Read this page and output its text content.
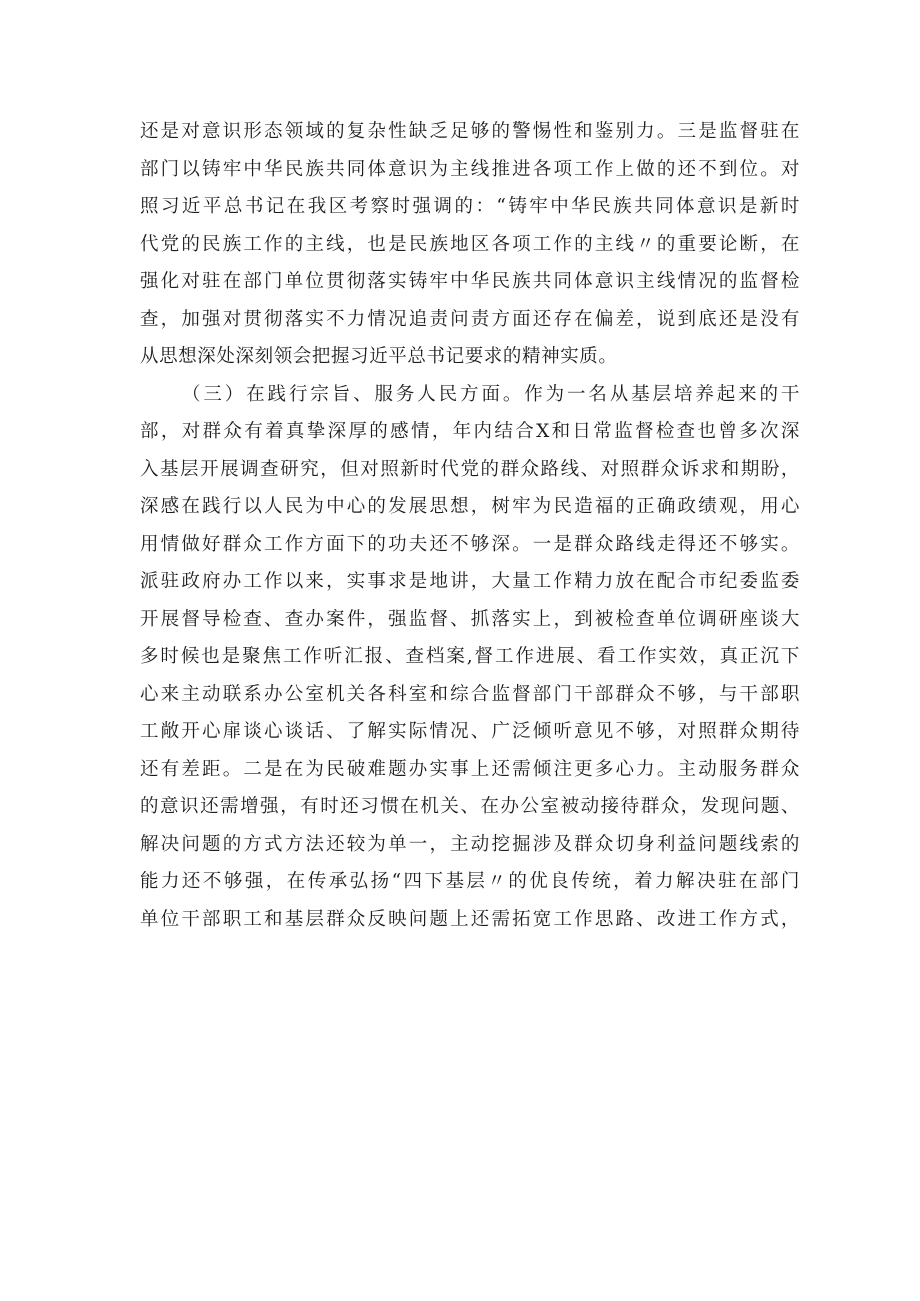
还是对意识形态领域的复杂性缺乏足够的警惕性和鉴别力。三是监督驻在
部门以铸牢中华民族共同体意识为主线推进各项工作上做的还不到位。对
照习近平总书记在我区考察时强调的：“铸牢中华民族共同体意识是新时
代党的民族工作的主线，也是民族地区各项工作的主线〃的重要论断，在
强化对驻在部门单位贯彻落实铸牢中华民族共同体意识主线情况的监督检
查，加强对贯彻落实不力情况追责问责方面还存在偏差，说到底还是没有
从思想深处深刻领会把握习近平总书记要求的精神实质。
（三）在践行宗旨、服务人民方面。作为一名从基层培养起来的干
部，对群众有着真挚深厚的感情，年内结合X和日常监督检查也曾多次深
入基层开展调查研究，但对照新时代党的群众路线、对照群众诉求和期盼，
深感在践行以人民为中心的发展思想，树牢为民造福的正确政绩观，用心
用情做好群众工作方面下的功夫还不够深。一是群众路线走得还不够实。
派驻政府办工作以来，实事求是地讲，大量工作精力放在配合市纪委监委
开展督导检查、查办案件，强监督、抓落实上，到被检查单位调研座谈大
多时候也是聚焦工作听汇报、查档案,督工作进展、看工作实效，真正沉下
心来主动联系办公室机关各科室和综合监督部门干部群众不够，与干部职
工敞开心扉谈心谈话、了解实际情况、广泛倾听意见不够，对照群众期待
还有差距。二是在为民破难题办实事上还需倾注更多心力。主动服务群众
的意识还需增强，有时还习惯在机关、在办公室被动接待群众，发现问题、
解决问题的方式方法还较为单一，主动挖掘涉及群众切身利益问题线索的
能力还不够强，在传承弘扬“四下基层〃的优良传统，着力解决驻在部门
单位干部职工和基层群众反映问题上还需拓宽工作思路、改进工作方式，
